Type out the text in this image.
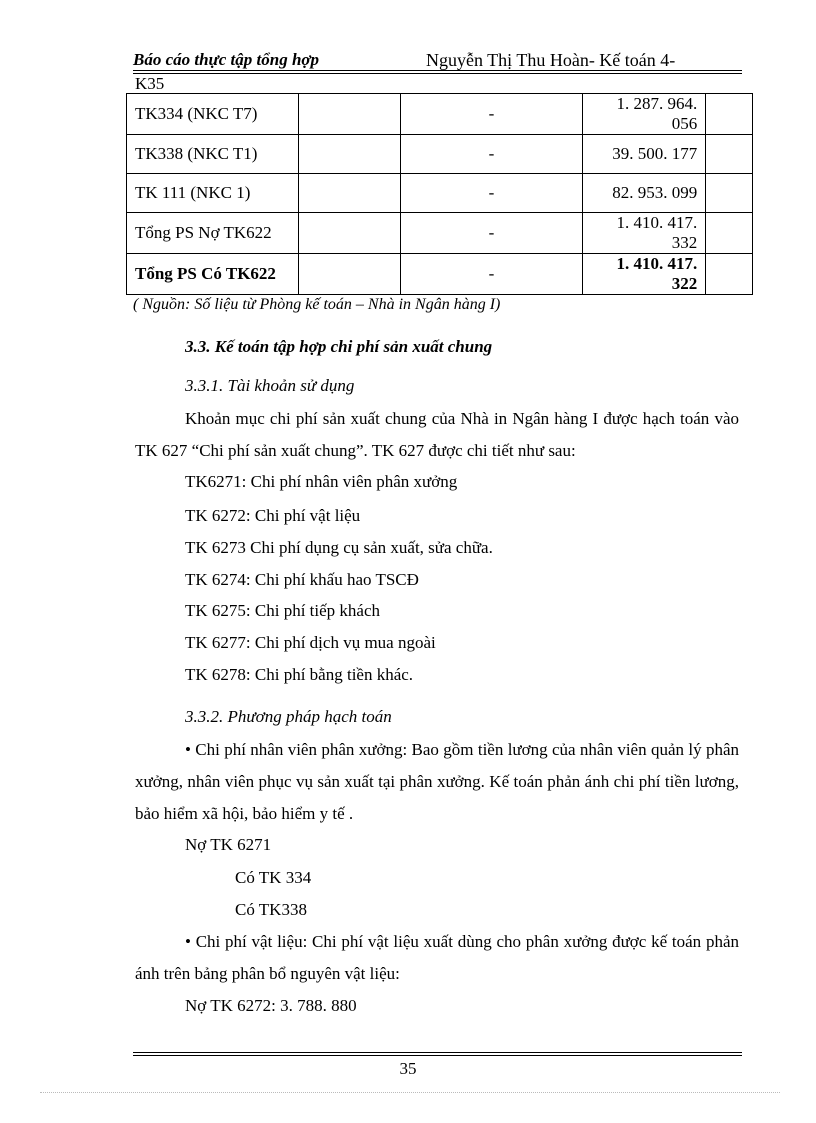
Báo cáo thực tập tổng hợp	Nguyễn Thị Thu Hoàn- Kế toán 4-
K35
TK334 (NKC T7)		-	1. 287. 964. 056	
TK338 (NKC T1)		-	39. 500. 177	
TK 111 (NKC 1)		-	82. 953. 099	
Tổng PS Nợ TK622		-	1. 410. 417. 332	
Tổng PS Có TK622		-	1. 410. 417. 322	
( Nguồn: Số liệu từ Phòng kế toán – Nhà in Ngân hàng I)
3.3. Kế toán tập hợp chi phí sản xuất chung
3.3.1. Tài khoản sử dụng
Khoản mục chi phí sản xuất chung của Nhà in Ngân hàng I được hạch toán vào TK 627 “Chi phí sản xuất chung”. TK 627 được chi tiết như sau:
TK6271: Chi phí nhân viên phân xưởng
TK 6272: Chi phí vật liệu
TK 6273 Chi phí dụng cụ sản xuất, sửa chữa.
TK 6274: Chi phí khấu hao TSCĐ
TK 6275: Chi phí tiếp khách
TK 6277: Chi phí dịch vụ mua ngoài
TK 6278: Chi phí bằng tiền khác.
3.3.2. Phương pháp hạch toán
• Chi phí nhân viên phân xưởng: Bao gồm tiền lương của nhân viên quản lý phân xưởng, nhân viên phục vụ sản xuất tại phân xưởng. Kế toán phản ánh chi phí tiền lương, bảo hiểm xã hội, bảo hiểm y tế .
Nợ TK 6271
Có TK 334
Có TK338
• Chi phí vật liệu: Chi phí vật liệu xuất dùng cho phân xưởng được kế toán phản ánh trên bảng phân bổ nguyên vật liệu:
Nợ TK 6272: 3. 788. 880
35
